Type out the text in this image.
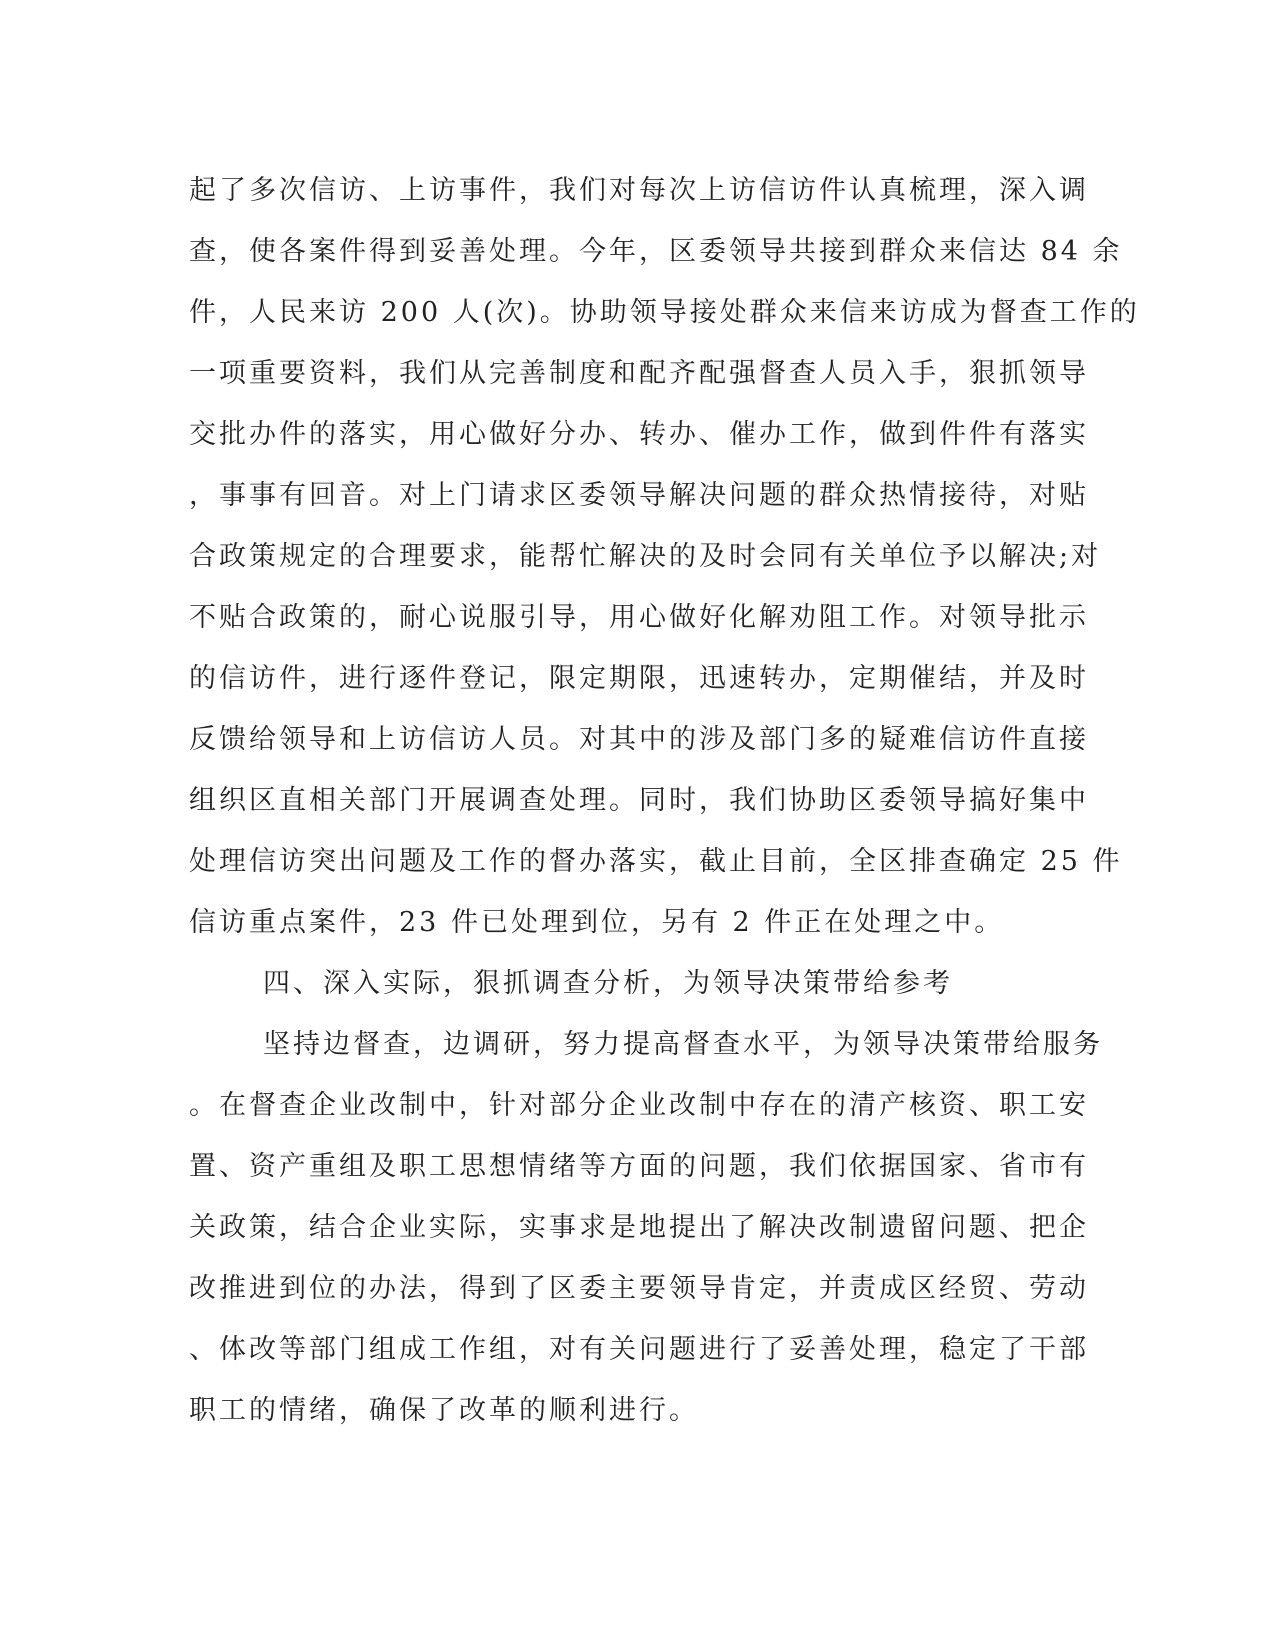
起了多次信访、上访事件，我们对每次上访信访件认真梳理，深入调
查，使各案件得到妥善处理。今年，区委领导共接到群众来信达 84 余
件，人民来访 200 人(次)。协助领导接处群众来信来访成为督查工作的
一项重要资料，我们从完善制度和配齐配强督查人员入手，狠抓领导
交批办件的落实，用心做好分办、转办、催办工作，做到件件有落实
，事事有回音。对上门请求区委领导解决问题的群众热情接待，对贴
合政策规定的合理要求，能帮忙解决的及时会同有关单位予以解决;对
不贴合政策的，耐心说服引导，用心做好化解劝阻工作。对领导批示
的信访件，进行逐件登记，限定期限，迅速转办，定期催结，并及时
反馈给领导和上访信访人员。对其中的涉及部门多的疑难信访件直接
组织区直相关部门开展调查处理。同时，我们协助区委领导搞好集中
处理信访突出问题及工作的督办落实，截止目前，全区排查确定 25 件
信访重点案件，23 件已处理到位，另有 2 件正在处理之中。
四、深入实际，狠抓调查分析，为领导决策带给参考
坚持边督查，边调研，努力提高督查水平，为领导决策带给服务
。在督查企业改制中，针对部分企业改制中存在的清产核资、职工安
置、资产重组及职工思想情绪等方面的问题，我们依据国家、省市有
关政策，结合企业实际，实事求是地提出了解决改制遗留问题、把企
改推进到位的办法，得到了区委主要领导肯定，并责成区经贸、劳动
、体改等部门组成工作组，对有关问题进行了妥善处理，稳定了干部
职工的情绪，确保了改革的顺利进行。
